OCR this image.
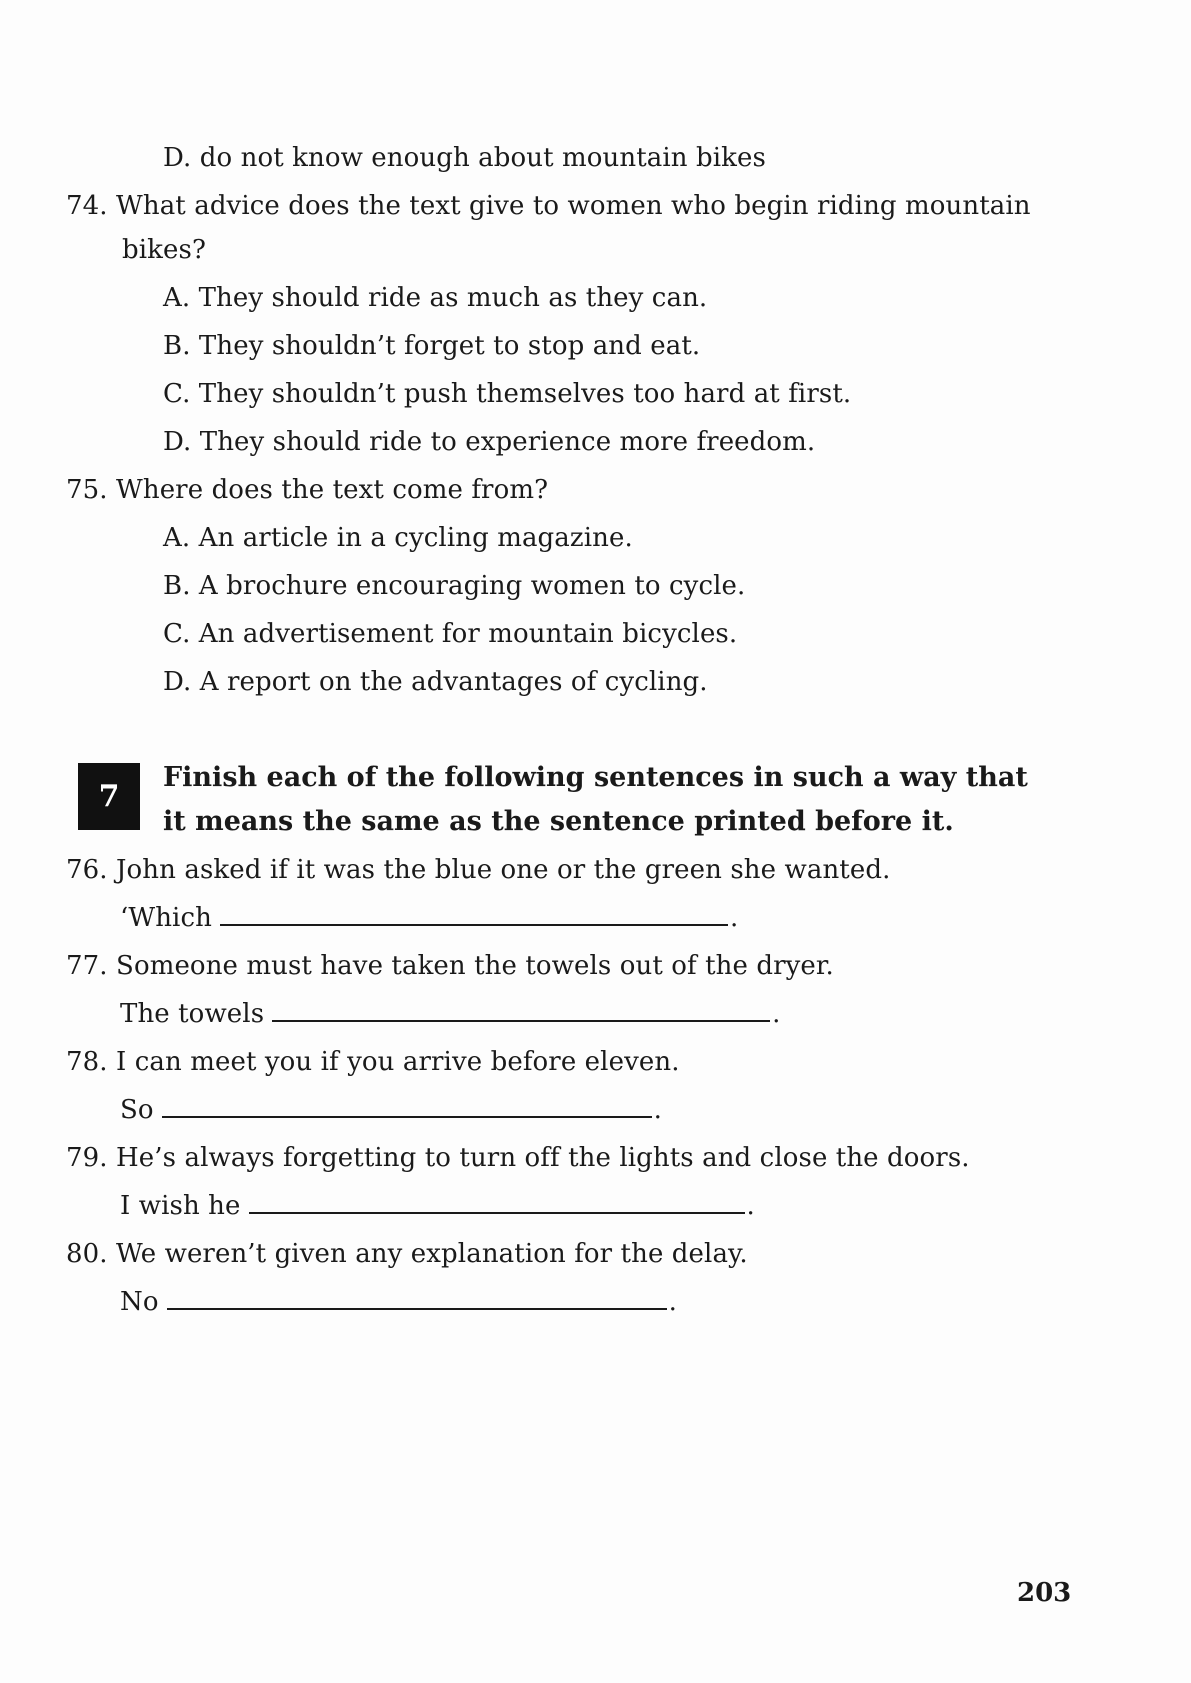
D. do not know enough about mountain bikes
74. What advice does the text give to women who begin riding mountain
bikes?
A. They should ride as much as they can.
B. They shouldn’t forget to stop and eat.
C. They shouldn’t push themselves too hard at first.
D. They should ride to experience more freedom.
75. Where does the text come from?
A. An article in a cycling magazine.
B. A brochure encouraging women to cycle.
C. An advertisement for mountain bicycles.
D. A report on the advantages of cycling.
7
Finish each of the following sentences in such a way that
it means the same as the sentence printed before it.
76. John asked if it was the blue one or the green she wanted.
‘Which	.
77. Someone must have taken the towels out of the dryer.
The towels	.
78. I can meet you if you arrive before eleven.
So	.
79. He’s always forgetting to turn off the lights and close the doors.
I wish he	.
80. We weren’t given any explanation for the delay.
No	.
203
